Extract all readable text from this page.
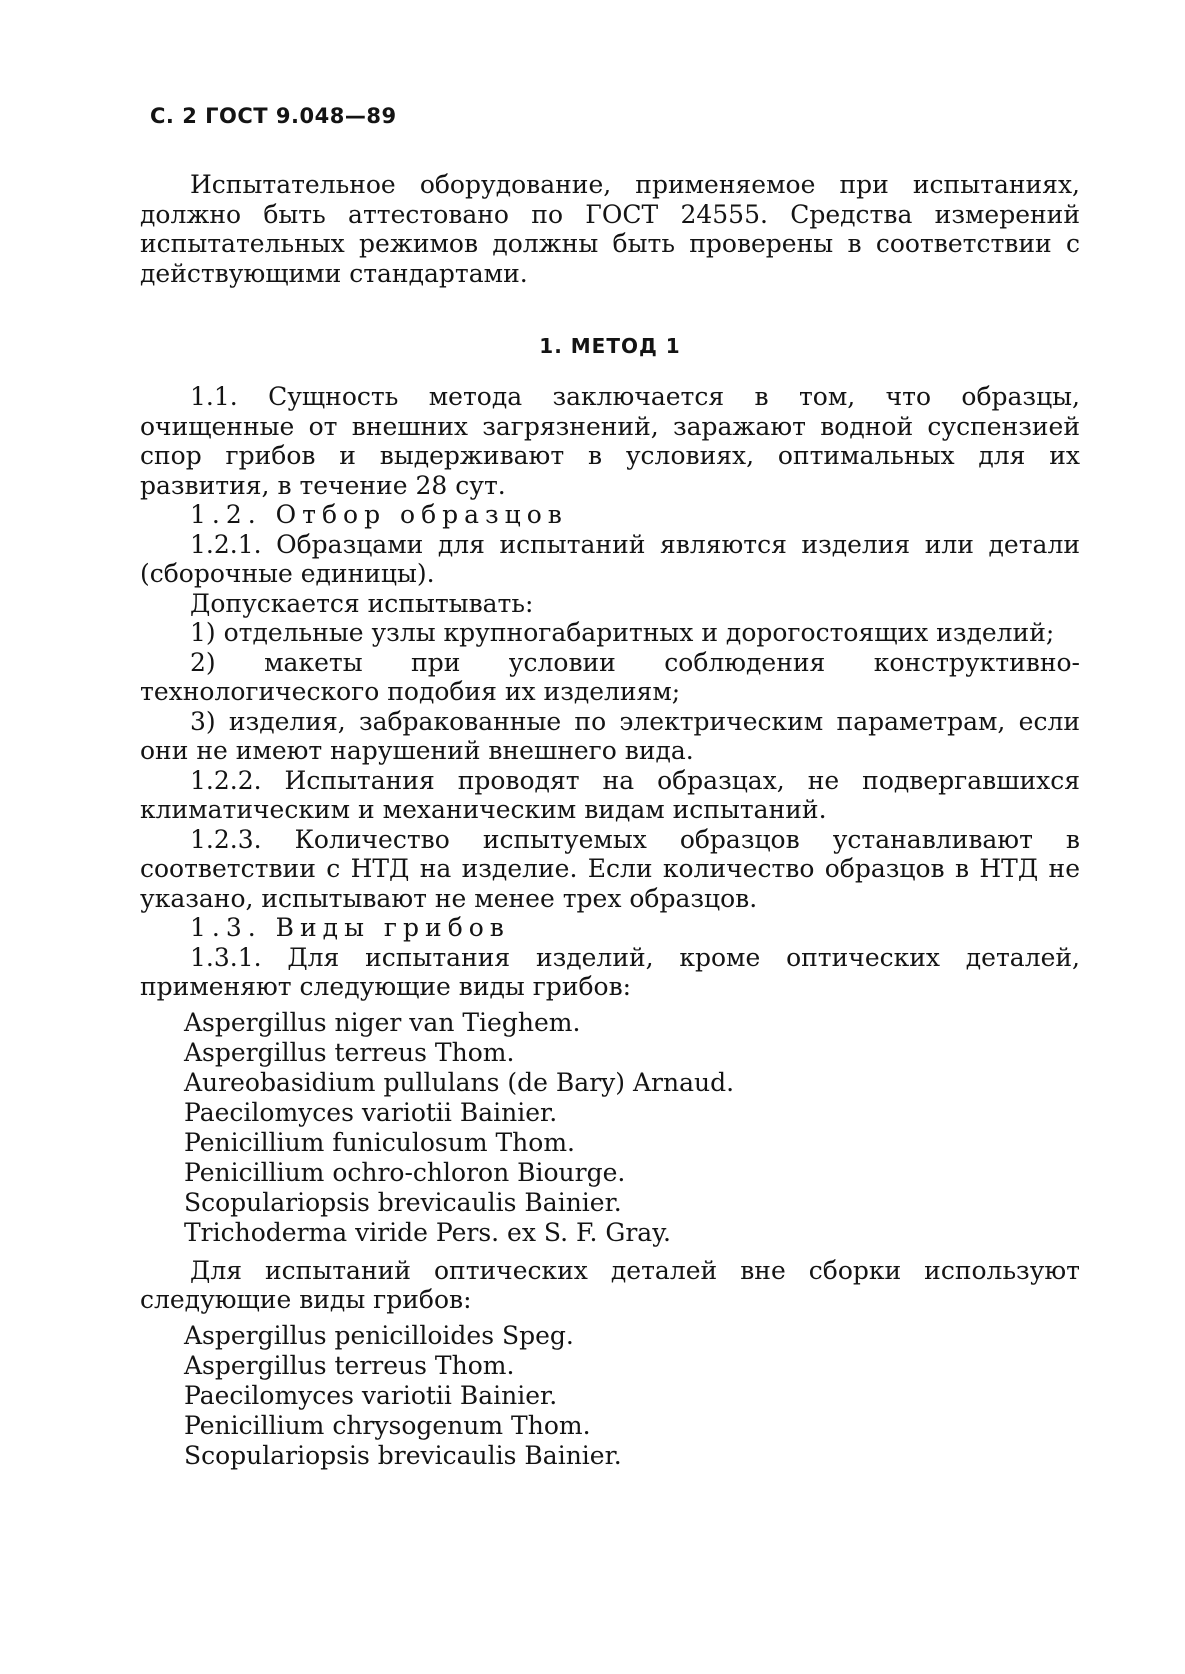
С. 2 ГОСТ 9.048—89

Испытательное оборудование, применяемое при испытаниях, должно быть аттестовано по ГОСТ 24555. Средства измерений испытательных режимов должны быть проверены в соответствии с действующими стандартами.

1. МЕТОД 1

1.1. Сущность метода заключается в том, что образцы, очищенные от внешних загрязнений, заражают водной суспензией спор грибов и выдерживают в условиях, оптимальных для их развития, в течение 28 сут.

1.2. Отбор образцов

1.2.1. Образцами для испытаний являются изделия или детали (сборочные единицы).

Допускается испытывать:

1) отдельные узлы крупногабаритных и дорогостоящих изделий;

2) макеты при условии соблюдения конструктивно-технологического подобия их изделиям;

3) изделия, забракованные по электрическим параметрам, если они не имеют нарушений внешнего вида.

1.2.2. Испытания проводят на образцах, не подвергавшихся климатическим и механическим видам испытаний.

1.2.3. Количество испытуемых образцов устанавливают в соответствии с НТД на изделие. Если количество образцов в НТД не указано, испытывают не менее трех образцов.

1.3. Виды грибов

1.3.1. Для испытания изделий, кроме оптических деталей, применяют следующие виды грибов:

Aspergillus niger van Tieghem.
Aspergillus terreus Thom.
Aureobasidium pullulans (de Bary) Arnaud.
Paecilomyces variotii Bainier.
Penicillium funiculosum Thom.
Penicillium ochro-chloron Biourge.
Scopulariopsis brevicaulis Bainier.
Trichoderma viride Pers. ex S. F. Gray.

Для испытаний оптических деталей вне сборки используют следующие виды грибов:

Aspergillus penicilloides Speg.
Aspergillus terreus Thom.
Paecilomyces variotii Bainier.
Penicillium chrysogenum Thom.
Scopulariopsis brevicaulis Bainier.
